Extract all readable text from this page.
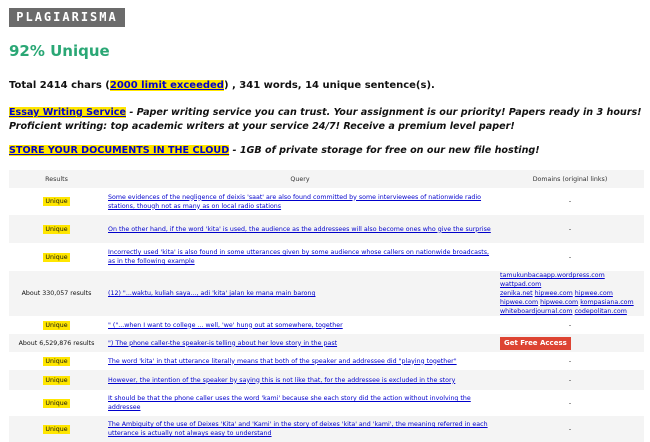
PLAGIARISMA
92% Unique
Total 2414 chars (2000 limit exceeded) , 341 words, 14 unique sentence(s).
Essay Writing Service - Paper writing service you can trust. Your assignment is our priority! Papers ready in 3 hours! Proficient writing: top academic writers at your service 24/7! Receive a premium level paper!
STORE YOUR DOCUMENTS IN THE CLOUD - 1GB of private storage for free on our new file hosting!
Results	Query	Domains (original links)
Unique	Some evidences of the negligence of deixis 'saat' are also found committed by some interviewees of nationwide radio stations, though not as many as on local radio stations	-

Unique	On the other hand, if the word 'kita' is used, the audience as the addressees will also become ones who give the surprise	-

Unique	Incorrectly used 'kita' is also found in some utterances given by some audience whose callers on nationwide broadcasts, as in the following example	-

About 330,057 results	(12) "...waktu, kuliah saya..., adi 'kita' jalan ke mana main barong	tamukunbacaapp.wordpress.com wattpad.com
zenika.net hipwee.com hipwee.com
hipwee.com hipwee.com kompasiana.com
whiteboardjournal.com codepolitan.com
Unique	" ("...when I want to college ... well, 'we' hung out at somewhere, together	-

About 6,529,876 results	") The phone caller-the speaker-is telling about her love story in the past	Get Free Access
Unique	The word 'kita' in that utterance literally means that both of the speaker and addressee did "playing together"	-

Unique	However, the intention of the speaker by saying this is not like that, for the addressee is excluded in the story	-

Unique	It should be that the phone caller uses the word 'kami' because she each story did the action without involving the addressee	-

Unique	The Ambiguity of the use of Deixes 'Kita' and 'Kami' in the story of deixes 'kita' and 'kami', the meaning referred in each utterance is actually not always easy to understand	-
